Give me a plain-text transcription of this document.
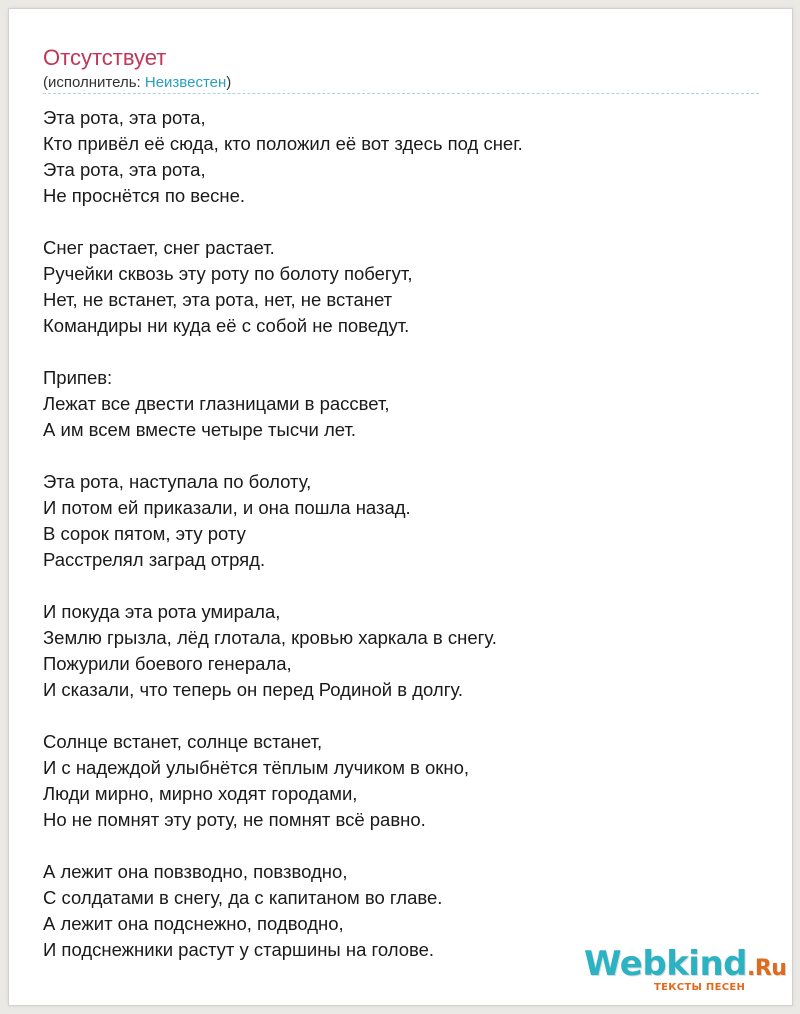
Отсутствует
(исполнитель: Неизвестен)
Эта рота, эта рота,
Кто привёл её сюда, кто положил её вот здесь под снег.
Эта рота, эта рота,
Не проснётся по весне.
Снег растает, снег растает.
Ручейки сквозь эту роту по болоту побегут,
Нет, не встанет, эта рота, нет, не встанет
Командиры ни куда её с собой не поведут.
Припев:
Лежат все двести глазницами в рассвет,
А им всем вместе четыре тысчи лет.
Эта рота, наступала по болоту,
И потом ей приказали, и она пошла назад.
В сорок пятом, эту роту
Расстрелял заград отряд.
И покуда эта рота умирала,
Землю грызла, лёд глотала, кровью харкала в снегу.
Пожурили боевого генерала,
И сказали, что теперь он перед Родиной в долгу.
Солнце встанет, солнце встанет,
И с надеждой улыбнётся тёплым лучиком в окно,
Люди мирно, мирно ходят городами,
Но не помнят эту роту, не помнят всё равно.
А лежит она повзводно, повзводно,
С солдатами в снегу, да с капитаном во главе.
А лежит она подснежно, подводно,
И подснежники растут у старшины на голове.	Webkind.Ru
ТЕКСТЫ ПЕСЕН
